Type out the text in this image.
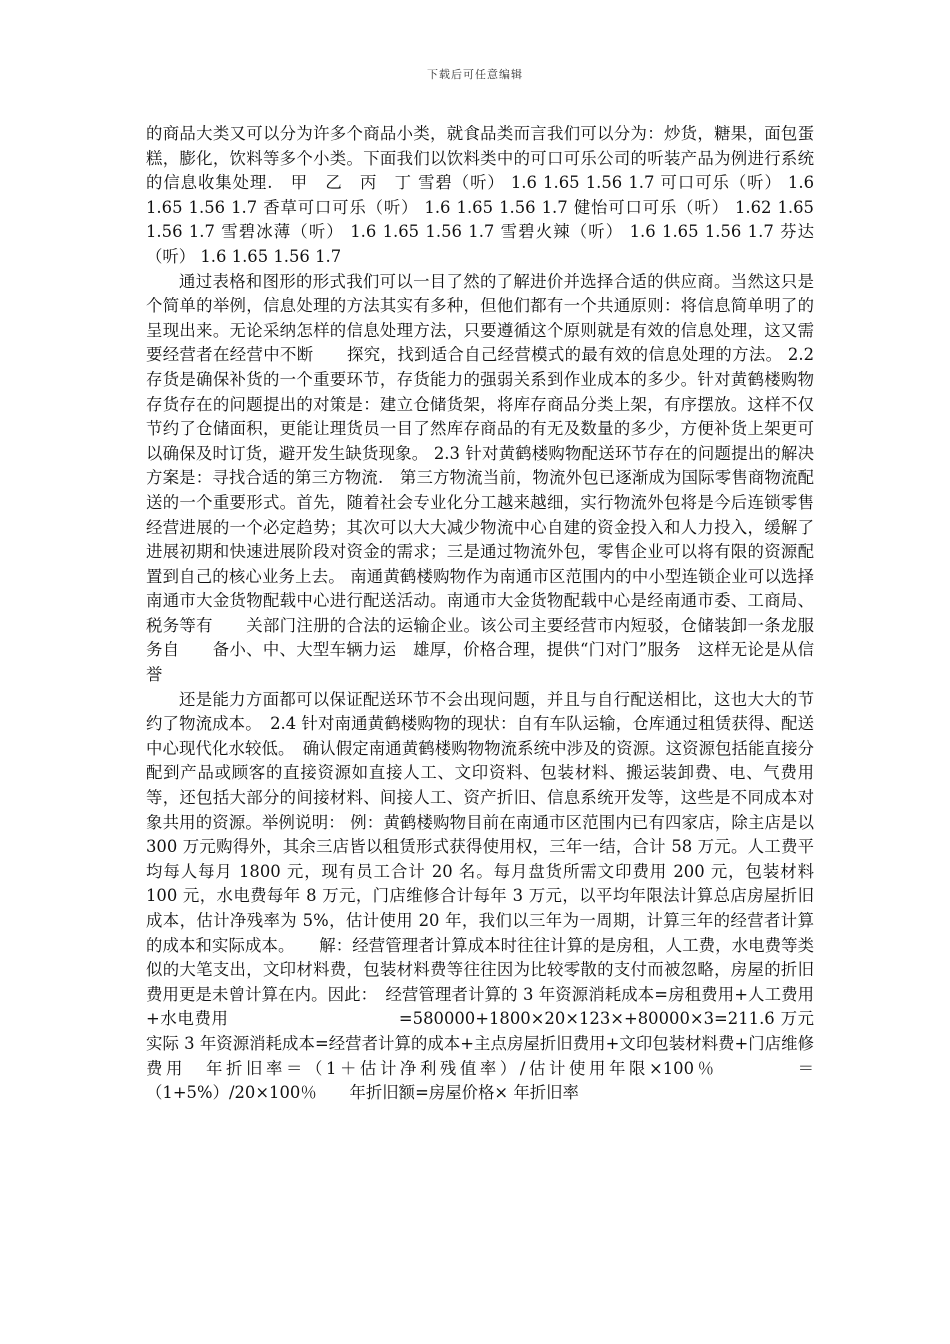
下载后可任意编辑

的商品大类又可以分为许多个商品小类，就食品类而言我们可以分为：炒货，糖果，面包蛋糕，膨化，饮料等多个小类。下面我们以饮料类中的可口可乐公司的听装产品为例进行系统的信息收集处理.　甲　乙　丙　丁 雪碧（听） 1.6 1.65 1.56 1.7 可口可乐（听） 1.6 1.65 1.56 1.7 香草可口可乐（听） 1.6 1.65 1.56 1.7 健怡可口可乐（听） 1.62 1.65 1.56 1.7 雪碧冰薄（听） 1.6 1.65 1.56 1.7 雪碧火辣（听） 1.6 1.65 1.56 1.7 芬达（听） 1.6 1.65 1.56 1.7

通过表格和图形的形式我们可以一目了然的了解进价并选择合适的供应商。当然这只是个简单的举例，信息处理的方法其实有多种，但他们都有一个共通原则：将信息简单明了的呈现出来。无论采纳怎样的信息处理方法，只要遵循这个原则就是有效的信息处理，这又需要经营者在经营中不断　　探究，找到适合自己经营模式的最有效的信息处理的方法。 2.2 存货是确保补货的一个重要环节，存货能力的强弱关系到作业成本的多少。针对黄鹤楼购物存货存在的问题提出的对策是：建立仓储货架，将库存商品分类上架，有序摆放。这样不仅节约了仓储面积，更能让理货员一目了然库存商品的有无及数量的多少，方便补货上架更可以确保及时订货，避开发生缺货现象。 2.3 针对黄鹤楼购物配送环节存在的问题提出的解决方案是：寻找合适的第三方物流.　第三方物流当前，物流外包已逐渐成为国际零售商物流配送的一个重要形式。首先，随着社会专业化分工越来越细，实行物流外包将是今后连锁零售经营进展的一个必定趋势；其次可以大大减少物流中心自建的资金投入和人力投入，缓解了进展初期和快速进展阶段对资金的需求；三是通过物流外包，零售企业可以将有限的资源配置到自己的核心业务上去。 南通黄鹤楼购物作为南通市区范围内的中小型连锁企业可以选择南通市大金货物配载中心进行配送活动。南通市大金货物配载中心是经南通市委、工商局、税务等有　　关部门注册的合法的运输企业。该公司主要经营市内短驳，仓储装卸一条龙服务自　　备小、中、大型车辆力运　雄厚，价格合理，提供“门对门”服务　这样无论是从信誉

还是能力方面都可以保证配送环节不会出现问题，并且与自行配送相比，这也大大的节约了物流成本。　2.4 针对南通黄鹤楼购物的现状：自有车队运输，仓库通过租赁获得、配送中心现代化水较低。　确认假定南通黄鹤楼购物物流系统中涉及的资源。这资源包括能直接分配到产品或顾客的直接资源如直接人工、文印资料、包装材料、搬运装卸费、电、气费用等，还包括大部分的间接材料、间接人工、资产折旧、信息系统开发等，这些是不同成本对象共用的资源。举例说明： 例：黄鹤楼购物目前在南通市区范围内已有四家店，除主店是以 300 万元购得外，其余三店皆以租赁形式获得使用权，三年一结，合计 58 万元。人工费平均每人每月 1800 元，现有员工合计 20 名。每月盘货所需文印费用 200 元，包装材料 100 元，水电费每年 8 万元，门店维修合计每年 3 万元，以平均年限法计算总店房屋折旧成本，估计净残率为 5%，估计使用 20 年，我们以三年为一周期，计算三年的经营者计算的成本和实际成本。　　解：经营管理者计算成本时往往计算的是房租，人工费，水电费等类似的大笔支出，文印材料费，包装材料费等往往因为比较零散的支付而被忽略，房屋的折旧费用更是未曾计算在内。因此：　经营管理者计算的 3 年资源消耗成本=房租费用+人工费用+水电费用　　　　　　　　　　=580000+1800×20×123×+80000×3=211.6 万元　实际 3 年资源消耗成本=经营者计算的成本+主点房屋折旧费用+文印包装材料费+门店维修费用　年折旧率＝（1＋估计净利残值率）/估计使用年限×100％　　　　＝（1+5%）/20×100％　　年折旧额=房屋价格× 年折旧率
